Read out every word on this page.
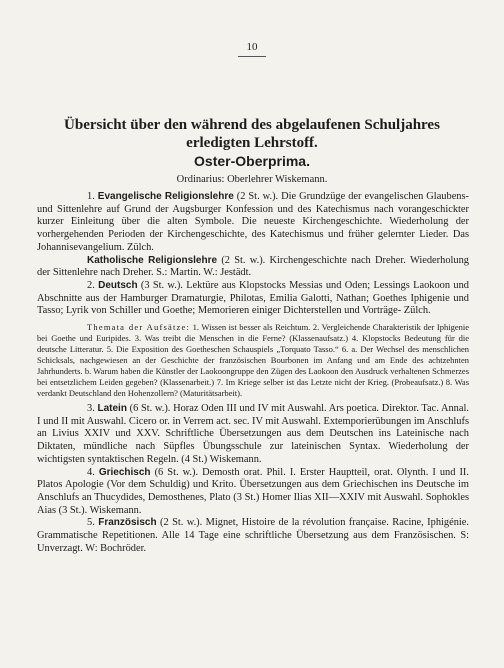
10
Übersicht über den während des abgelaufenen Schuljahres
erledigten Lehrstoff.
Oster-Oberprima.
Ordinarius: Oberlehrer Wiskemann.

1. Evangelische Religionslehre (2 St. w.). Die Grundzüge der evangelischen Glaubens- und Sittenlehre auf Grund der Augsburger Konfession und des Katechismus nach vorangeschickter kurzer Einleitung über die alten Symbole. Die neueste Kirchengeschichte. Wiederholung der vorhergehenden Perioden der Kirchengeschichte, des Katechismus und früher gelernter Lieder. Das Johannisevangelium. Zülch.

Katholische Religionslehre (2 St. w.). Kirchengeschichte nach Dreher. Wiederholung der Sittenlehre nach Dreher. S.: Martin. W.: Jestädt.

2. Deutsch (3 St. w.). Lektüre aus Klopstocks Messias und Oden; Lessings Laokoon und Abschnitte aus der Hamburger Dramaturgie, Philotas, Emilia Galotti, Nathan; Goethes Iphigenie und Tasso; Lyrik von Schiller und Goethe; Memorieren einiger Dichterstellen und Vorträge- Zülch.

Themata der Aufsätze: 1. Wissen ist besser als Reichtum. 2. Vergleichende Charakteristik der Iphigenie bei Goethe und Euripides. 3. Was treibt die Menschen in die Ferne? (Klassenaufsatz.) 4. Klopstocks Bedeutung für die deutsche Litteratur. 5. Die Exposition des Goetheschen Schauspiels „Torquato Tasso.“ 6. a. Der Wechsel des menschlichen Schicksals, nachgewiesen an der Geschichte der französischen Bourbonen im Anfang und am Ende des achtzehnten Jahrhunderts. b. Warum haben die Künstler der Laokoongruppe den Zügen des Laokoon den Ausdruck verhaltenen Schmerzes bei entsetzlichem Leiden gegeben? (Klassenarbeit.) 7. Im Kriege selber ist das Letzte nicht der Krieg. (Probeaufsatz.) 8. Was verdankt Deutschland den Hohenzollern? (Maturitätsarbeit).

3. Latein (6 St. w.). Horaz Oden III und IV mit Auswahl. Ars poetica. Direktor. Tac. Annal. I und II mit Auswahl. Cicero or. in Verrem act. sec. IV mit Auswahl. Extemporierübungen im Anschlufs an Livius XXIV und XXV. Schriftliche Übersetzungen aus dem Deutschen ins Lateinische nach Diktaten, mündliche nach Süpfles Übungsschule zur lateinischen Syntax. Wiederholung der wichtigsten syntaktischen Regeln. (4 St.) Wiskemann.

4. Griechisch (6 St. w.). Demosth orat. Phil. I. Erster Hauptteil, orat. Olynth. I und II. Platos Apologie (Vor dem Schuldig) und Krito. Übersetzungen aus dem Griechischen ins Deutsche im Anschlufs an Thucydides, Demosthenes, Plato (3 St.) Homer Ilias XII—XXIV mit Auswahl. Sophokles Aias (3 St.). Wiskemann.

5. Französisch (2 St. w.). Mignet, Histoire de la révolution française. Racine, Iphigénie. Grammatische Repetitionen. Alle 14 Tage eine schriftliche Übersetzung aus dem Französischen. S: Unverzagt. W: Bochröder.
